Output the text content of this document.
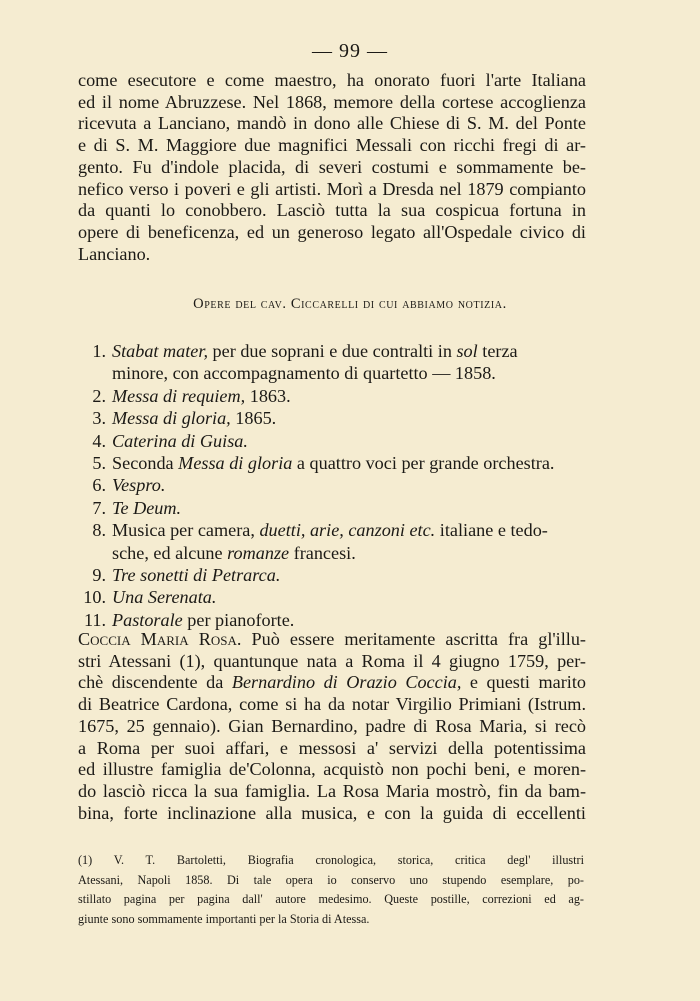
— 99 —
come esecutore e come maestro, ha onorato fuori l'arte Italiana
ed il nome Abruzzese. Nel 1868, memore della cortese accoglienza
ricevuta a Lanciano, mandò in dono alle Chiese di S. M. del Ponte
e di S. M. Maggiore due magnifici Messali con ricchi fregi di ar-
gento. Fu d'indole placida, di severi costumi e sommamente be-
nefico verso i poveri e gli artisti. Morì a Dresda nel 1879 compianto
da quanti lo conobbero. Lasciò tutta la sua cospicua fortuna in
opere di beneficenza, ed un generoso legato all'Ospedale civico di
Lanciano.
Opere del cav. Ciccarelli di cui abbiamo notizia.
1. Stabat mater, per due soprani e due contralti in sol terza
minore, con accompagnamento di quartetto — 1858.
2. Messa di requiem, 1863.
3. Messa di gloria, 1865.
4. Caterina di Guisa.
5. Seconda Messa di gloria a quattro voci per grande orchestra.
6. Vespro.
7. Te Deum.
8. Musica per camera, duetti, arie, canzoni etc. italiane e tedo-
sche, ed alcune romanze francesi.
9. Tre sonetti di Petrarca.
10. Una Serenata.
11. Pastorale per pianoforte.
Coccia Maria Rosa. Può essere meritamente ascritta fra gl'illu-
stri Atessani (1), quantunque nata a Roma il 4 giugno 1759, per-
chè discendente da Bernardino di Orazio Coccia, e questi marito
di Beatrice Cardona, come si ha da notar Virgilio Primiani (Istrum.
1675, 25 gennaio). Gian Bernardino, padre di Rosa Maria, si recò
a Roma per suoi affari, e messosi a' servizi della potentissima
ed illustre famiglia de'Colonna, acquistò non pochi beni, e moren-
do lasciò ricca la sua famiglia. La Rosa Maria mostrò, fin da bam-
bina, forte inclinazione alla musica, e con la guida di eccellenti
(1) V. T. Bartoletti, Biografia cronologica, storica, critica degl' illustri
Atessani, Napoli 1858. Di tale opera io conservo uno stupendo esemplare, po-
stillato pagina per pagina dall' autore medesimo. Queste postille, correzioni ed ag-
giunte sono sommamente importanti per la Storia di Atessa.
